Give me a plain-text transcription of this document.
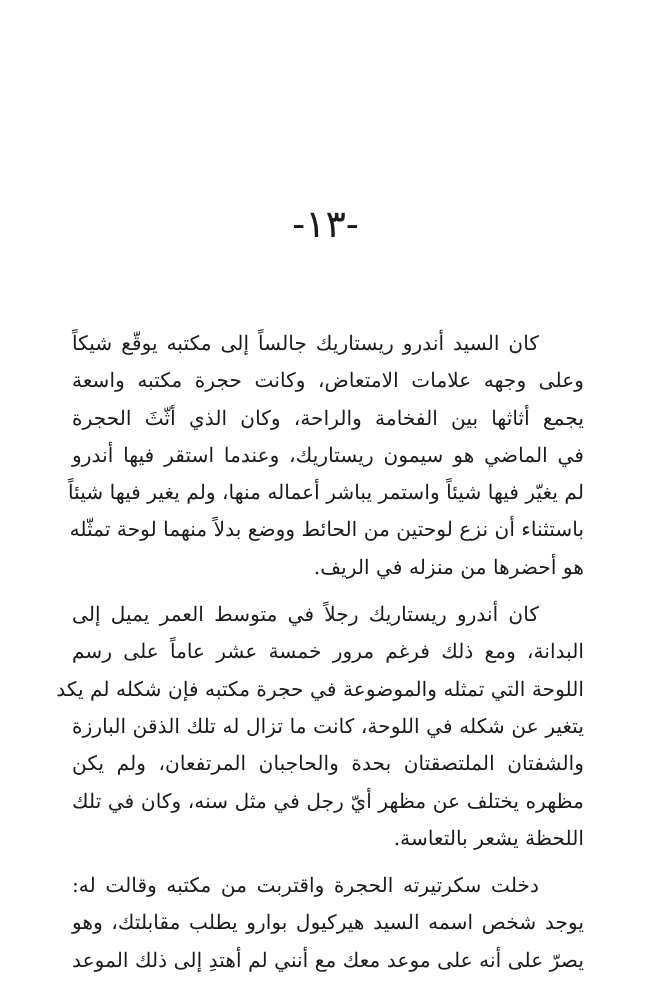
-١٣-

كان السيد أندرو ريستاريك جالساً إلى مكتبه يوقّع شيكاً
وعلى وجهه علامات الامتعاض، وكانت حجرة مكتبه واسعة
يجمع أثاثها بين الفخامة والراحة، وكان الذي أثّثَ الحجرة
في الماضي هو سيمون ريستاريك، وعندما استقر فيها أندرو
لم يغيّر فيها شيئاً واستمر يباشر أعماله منها، ولم يغير فيها شيئاً
باستثناء أن نزع لوحتين من الحائط ووضع بدلاً منهما لوحة تمثّله
هو أحضرها من منزله في الريف.

كان أندرو ريستاريك رجلاً في متوسط العمر يميل إلى
البدانة، ومع ذلك فرغم مرور خمسة عشر عاماً على رسم
اللوحة التي تمثله والموضوعة في حجرة مكتبه فإن شكله لم يكد
يتغير عن شكله في اللوحة، كانت ما تزال له تلك الذقن البارزة
والشفتان الملتصقتان بحدة والحاجبان المرتفعان، ولم يكن
مظهره يختلف عن مظهر أيّ رجل في مثل سنه، وكان في تلك
اللحظة يشعر بالتعاسة.

دخلت سكرتيرته الحجرة واقتربت من مكتبه وقالت له:
يوجد شخص اسمه السيد هيركيول بوارو يطلب مقابلتك، وهو
يصرّ على أنه على موعد معك مع أنني لم أهتدِ إلى ذلك الموعد
